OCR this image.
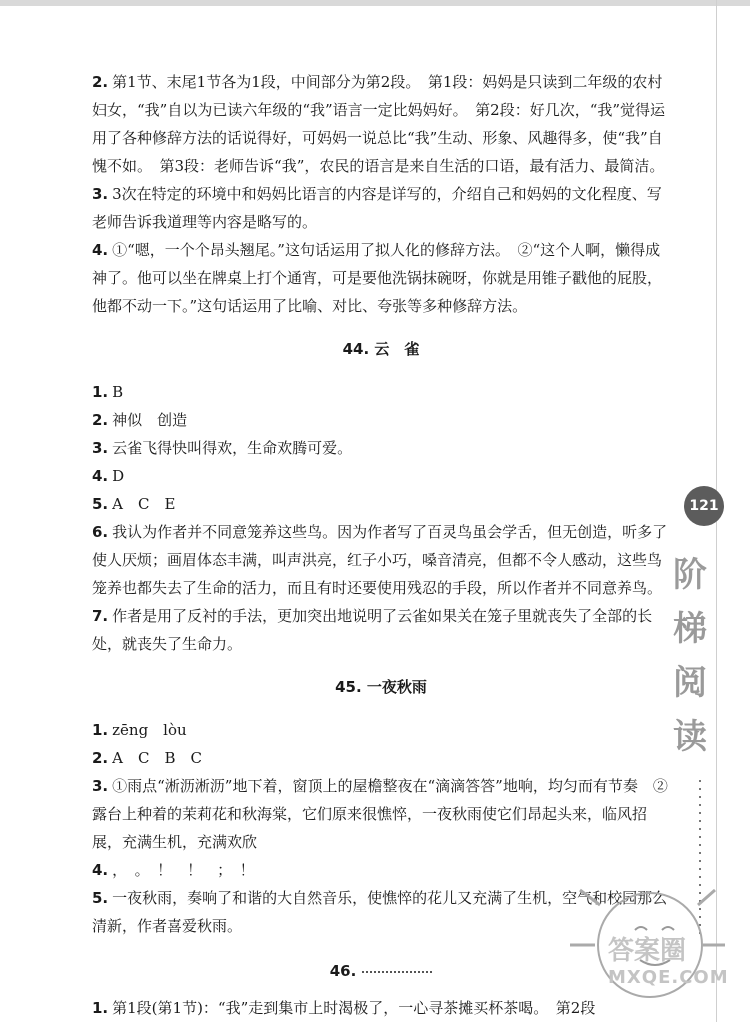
2. 第1节、末尾1节各为1段，中间部分为第2段。　第1段：妈妈是只读到二年级的农村妇女，“我”自以为已读六年级的“我”语言一定比妈妈好。　第2段：好几次，“我”觉得运用了各种修辞方法的话说得好，可妈妈一说总比“我”生动、形象、风趣得多，使“我”自愧不如。　第3段：老师告诉“我”，农民的语言是来自生活的口语，最有活力、最简洁。

3. 3次在特定的环境中和妈妈比语言的内容是详写的，介绍自己和妈妈的文化程度、写老师告诉我道理等内容是略写的。

4. ①“嗯，一个个昂头翘尾。”这句话运用了拟人化的修辞方法。　②“这个人啊，懒得成神了。他可以坐在牌桌上打个通宵，可是要他洗锅抹碗呀，你就是用锥子戳他的屁股，他都不动一下。”这句话运用了比喻、对比、夸张等多种修辞方法。

44. 云　雀

1. B

2. 神似　创造

3. 云雀飞得快叫得欢，生命欢腾可爱。

4. D

5. A　C　E

6. 我认为作者并不同意笼养这些鸟。因为作者写了百灵鸟虽会学舌，但无创造，听多了使人厌烦；画眉体态丰满，叫声洪亮，红子小巧，嗓音清亮，但都不令人感动，这些鸟笼养也都失去了生命的活力，而且有时还要使用残忍的手段，所以作者并不同意养鸟。

7. 作者是用了反衬的手法，更加突出地说明了云雀如果关在笼子里就丧失了全部的长处，就丧失了生命力。

45. 一夜秋雨

1. zēng　lòu

2. A　C　B　C

3. ①雨点“淅沥淅沥”地下着，窗顶上的屋檐整夜在“滴滴答答”地响，均匀而有节奏　②露台上种着的茉莉花和秋海棠，它们原来很憔悴，一夜秋雨使它们昂起头来，临风招展，充满生机，充满欢欣

4. ，　。　！　！　；　！

5. 一夜秋雨，奏响了和谐的大自然音乐，使憔悴的花儿又充满了生机，空气和校园那么清新，作者喜爱秋雨。

46.

1. 第1段(第1节)：“我”走到集市上时渴极了，一心寻茶摊买杯茶喝。　第2段

121
阶
梯
阅
读
答案圈
MXQE.COM
